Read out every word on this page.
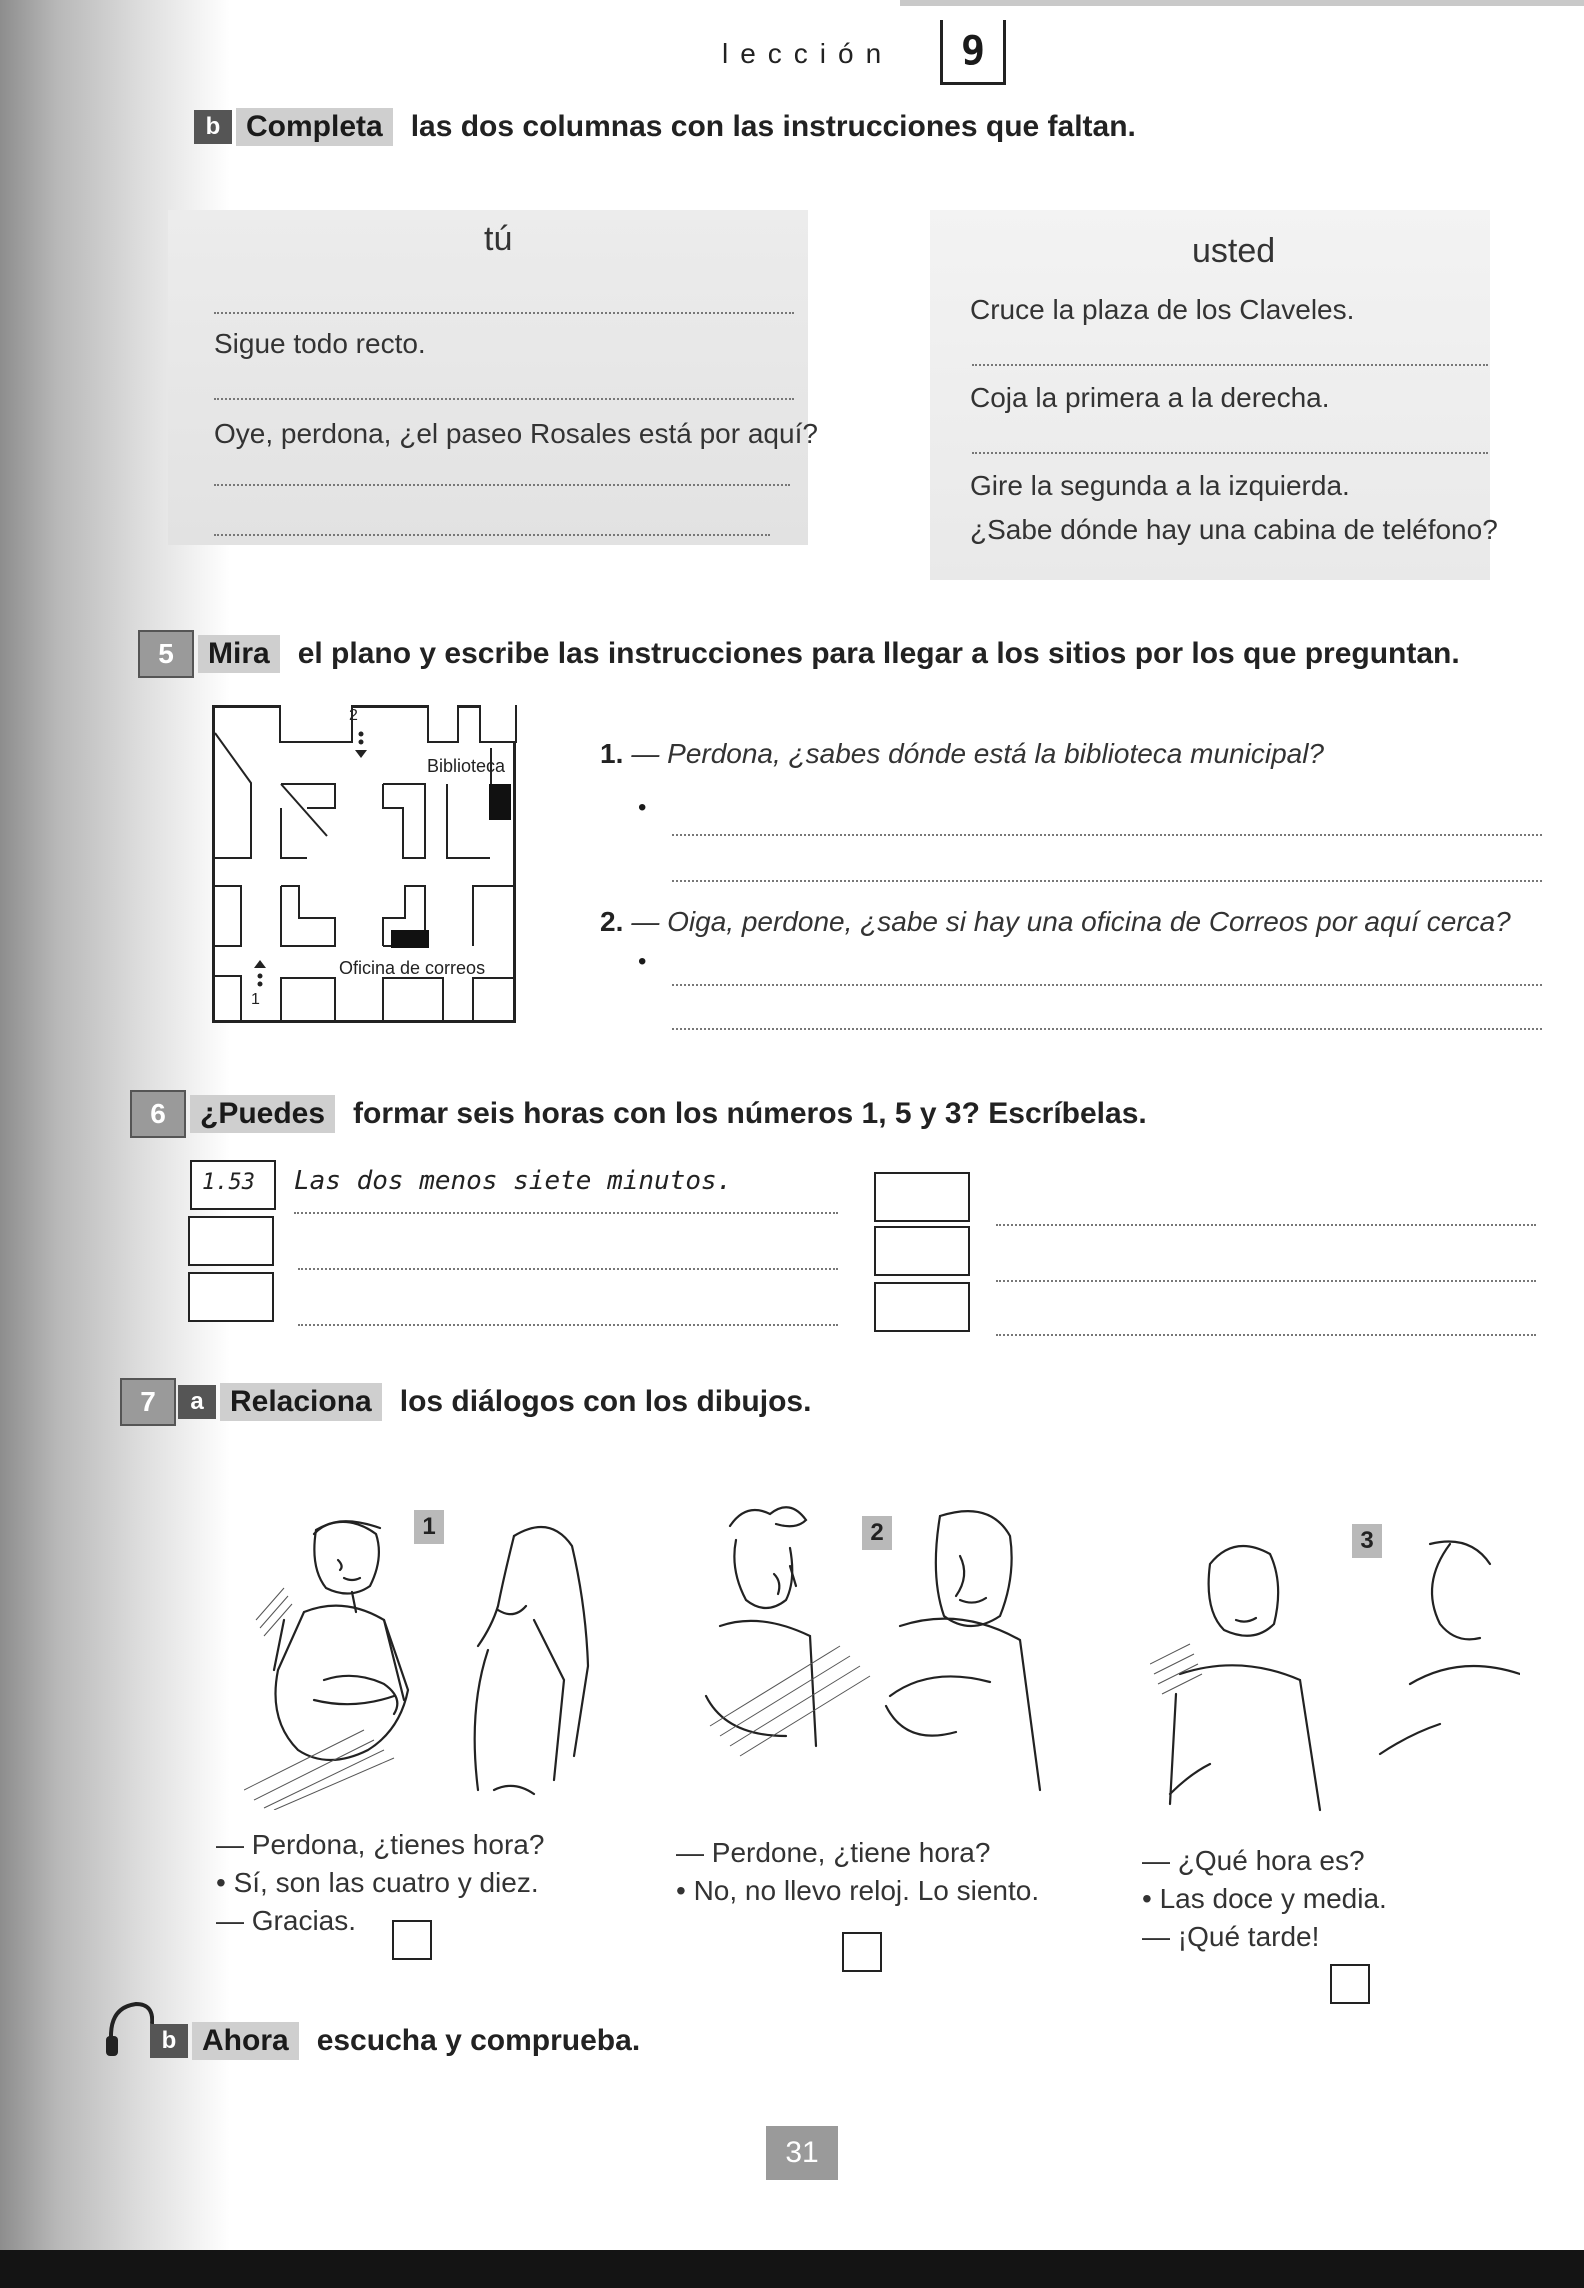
lección	9
b Completa las dos columnas con las instrucciones que faltan.
tú	usted
Sigue todo recto.
Oye, perdona, ¿el paseo Rosales está por aquí?
Cruce la plaza de los Claveles.
Coja la primera a la derecha.
Gire la segunda a la izquierda.
¿Sabe dónde hay una cabina de teléfono?
5	Mira el plano y escribe las instrucciones para llegar a los sitios por los que preguntan.
2
1
Biblioteca
Oficina de correos
1. — Perdona, ¿sabes dónde está la biblioteca municipal?
•
2. — Oiga, perdone, ¿sabe si hay una oficina de Correos por aquí cerca?
•
6	¿Puedes formar seis horas con los números 1, 5 y 3? Escríbelas.
1.53 Las dos menos siete minutos.
7	a Relaciona los diálogos con los dibujos.
1	2	3
— Perdona, ¿tienes hora?
• Sí, son las cuatro y diez.
— Gracias.
— Perdone, ¿tiene hora?
• No, no llevo reloj. Lo siento.
— ¿Qué hora es?
• Las doce y media.
— ¡Qué tarde!
b Ahora escucha y comprueba.
31
